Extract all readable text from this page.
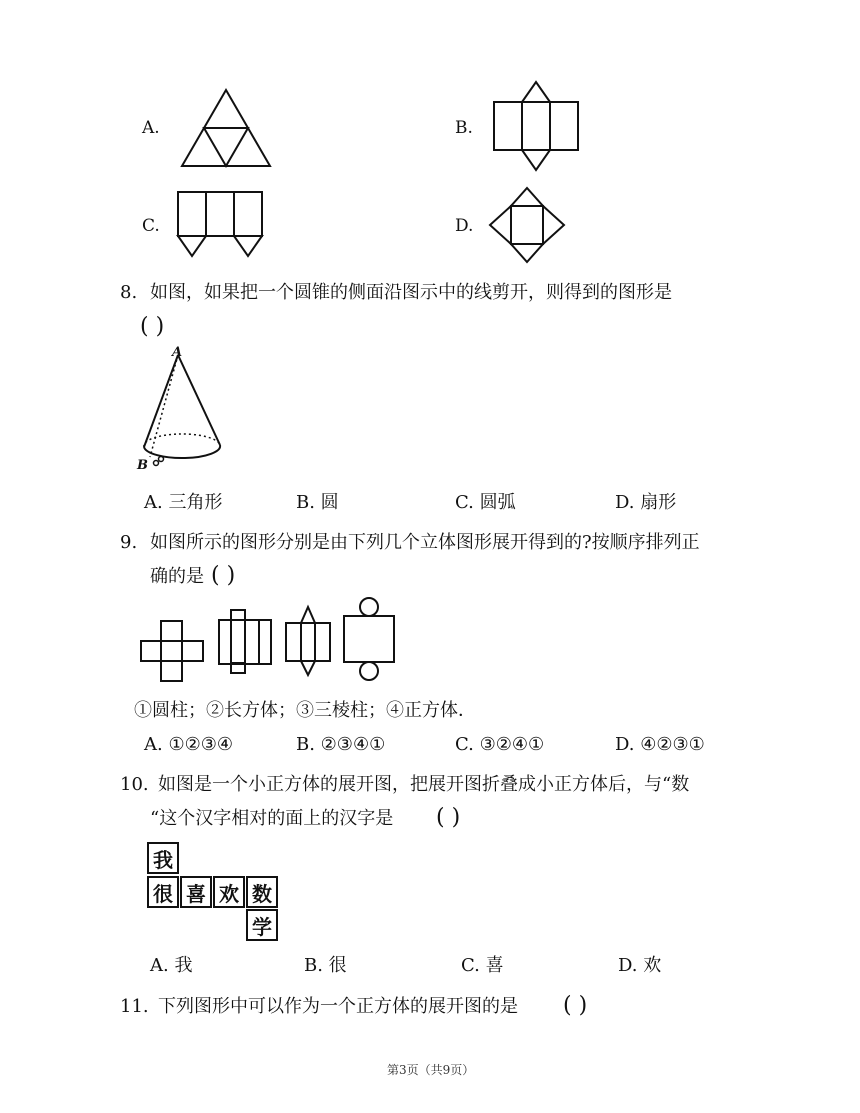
A.	B.
C.	D.
8. 如图，如果把一个圆锥的侧面沿图示中的线剪开，则得到的图形是
( )
A
B
A. 三角形	B. 圆	C. 圆弧	D. 扇形
9. 如图所示的图形分别是由下列几个立体图形展开得到的?按顺序排列正
确的是 ( )
①圆柱；②长方体；③三棱柱；④正方体．
A. ①②③④	B. ②③④①	C. ③②④①	D. ④②③①
10. 如图是一个小正方体的展开图，把展开图折叠成小正方体后，与“数
“这个汉字相对的面上的汉字是 ( )
我
很 喜 欢 数
学
A. 我	B. 很	C. 喜	D. 欢
11. 下列图形中可以作为一个正方体的展开图的是 ( )
第3页（共9页）
